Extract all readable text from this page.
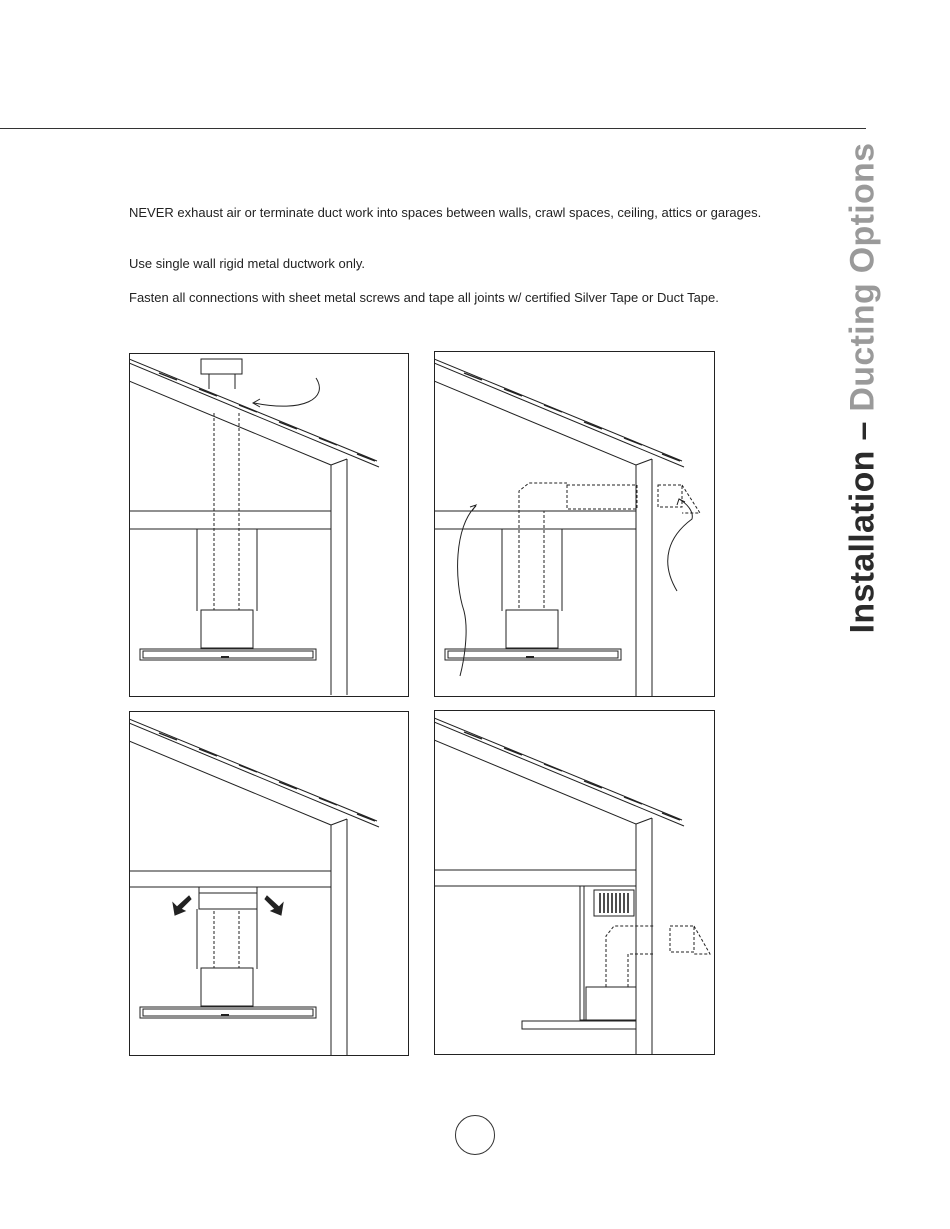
Installation – Ducting Options
NEVER exhaust air or terminate duct work into spaces between walls, crawl spaces, ceiling, attics or garages.
Use single wall rigid metal ductwork only.
Fasten all connections with sheet metal screws and tape all joints w/ certified Silver Tape or Duct Tape.
